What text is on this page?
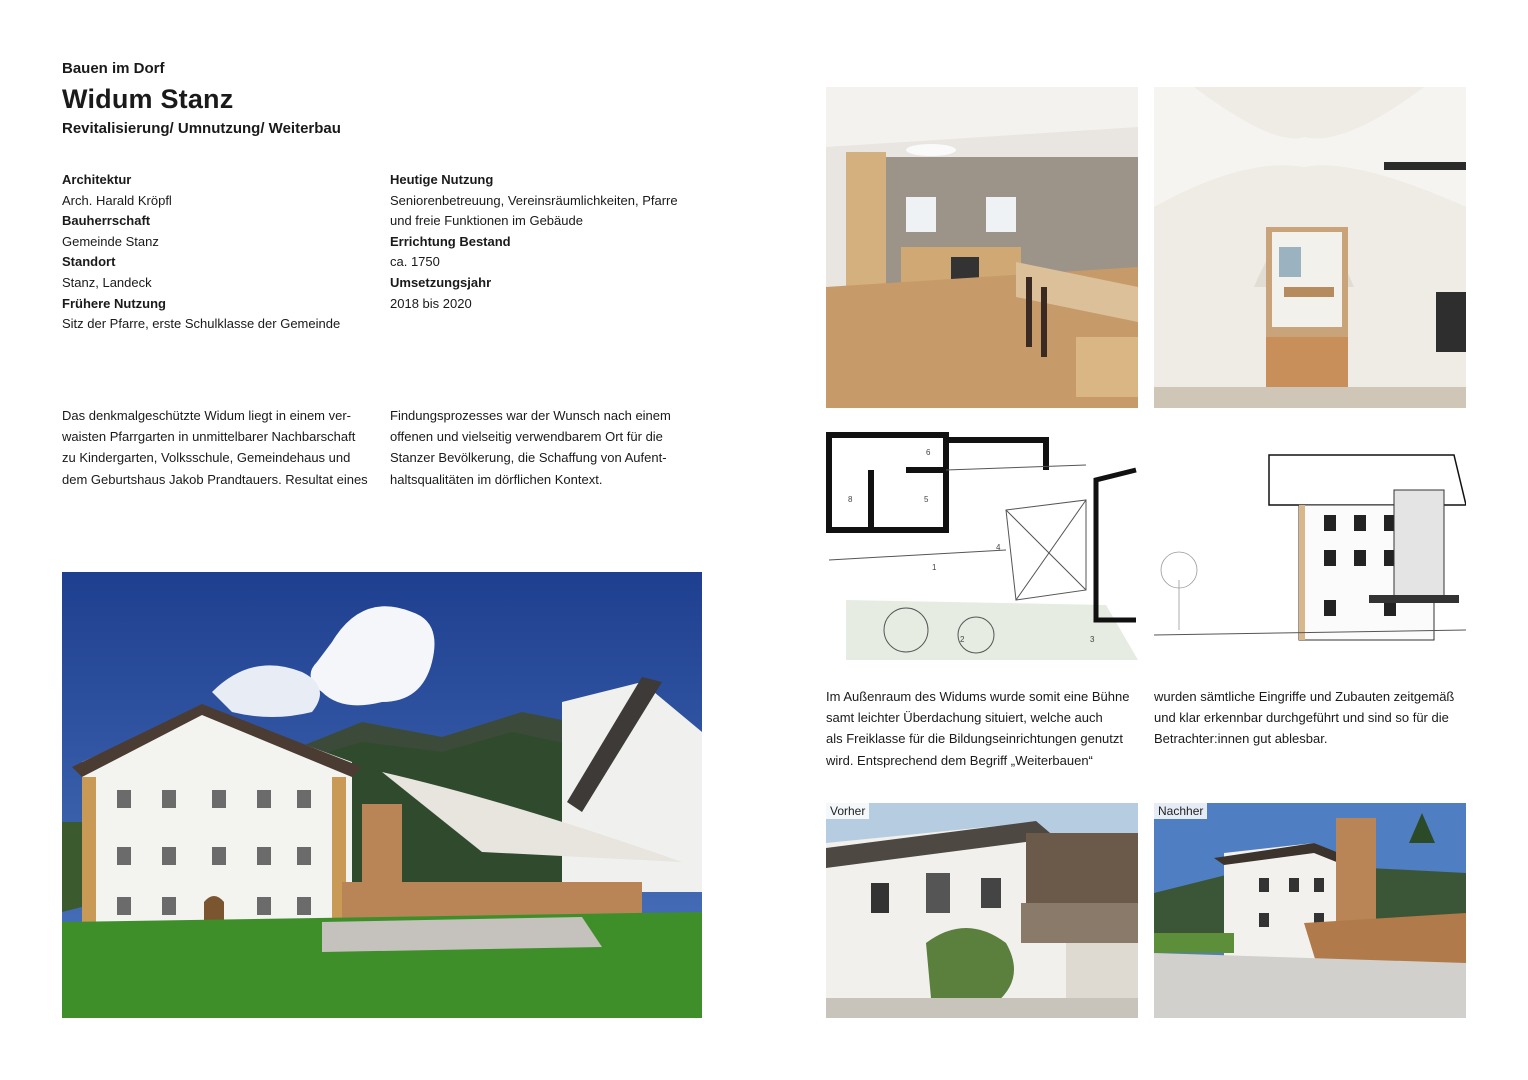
Bauen im Dorf
Widum Stanz
Revitalisierung/ Umnutzung/ Weiterbau
Architektur
Arch. Harald Kröpfl
Bauherrschaft
Gemeinde Stanz
Standort
Stanz, Landeck
Frühere Nutzung
Sitz der Pfarre, erste Schulklasse der Gemeinde
Heutige Nutzung
Seniorenbetreuung, Vereinsräumlichkeiten, Pfarre
und freie Funktionen im Gebäude
Errichtung Bestand
ca. 1750
Umsetzungsjahr
2018 bis 2020
Das denkmalgeschützte Widum liegt in einem ver-
waisten Pfarrgarten in unmittelbarer Nachbarschaft
zu Kindergarten, Volksschule, Gemeindehaus und
dem Geburtshaus Jakob Prandtauers. Resultat eines
Findungsprozesses war der Wunsch nach einem
offenen und vielseitig verwendbarem Ort für die
Stanzer Bevölkerung, die Schaffung von Aufent-
haltsqualitäten im dörflichen Kontext.
Im Außenraum des Widums wurde somit eine Bühne
samt leichter Überdachung situiert, welche auch
als Freiklasse für die Bildungseinrichtungen genutzt
wird. Entsprechend dem Begriff „Weiterbauen“
wurden sämtliche Eingriffe und Zubauten zeitgemäß
und klar erkennbar durchgeführt und sind so für die
Betrachter:innen gut ablesbar.
8	5
6
4
1
2	3
Vorher	Nachher
